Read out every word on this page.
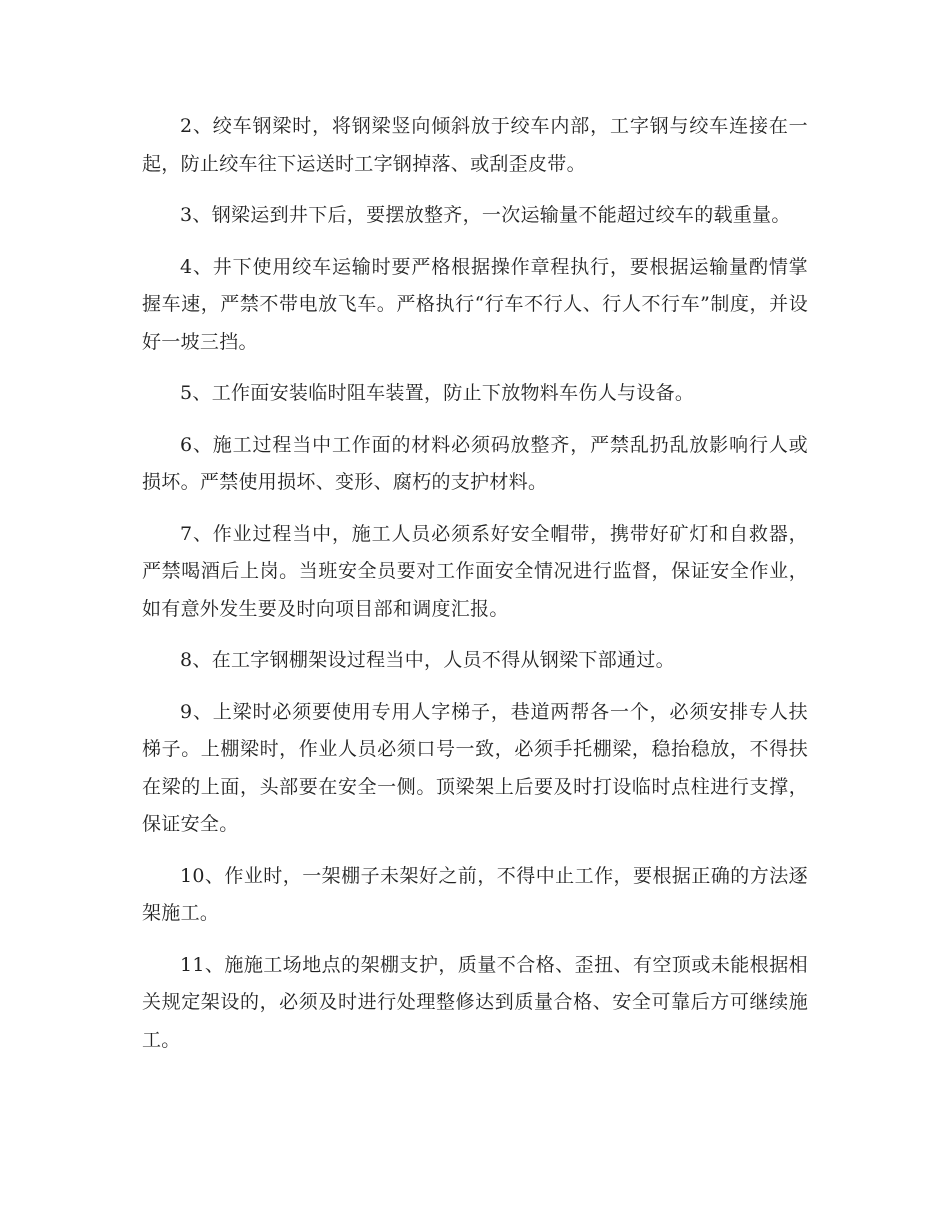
2、绞车钢梁时，将钢梁竖向倾斜放于绞车内部，工字钢与绞车连接在一起，防止绞车往下运送时工字钢掉落、或刮歪皮带。

3、钢梁运到井下后，要摆放整齐，一次运输量不能超过绞车的载重量。

4、井下使用绞车运输时要严格根据操作章程执行，要根据运输量酌情掌握车速，严禁不带电放飞车。严格执行“行车不行人、行人不行车”制度，并设好一坡三挡。

5、工作面安装临时阻车装置，防止下放物料车伤人与设备。

6、施工过程当中工作面的材料必须码放整齐，严禁乱扔乱放影响行人或损坏。严禁使用损坏、变形、腐朽的支护材料。

7、作业过程当中，施工人员必须系好安全帽带，携带好矿灯和自救器，严禁喝酒后上岗。当班安全员要对工作面安全情况进行监督，保证安全作业，如有意外发生要及时向项目部和调度汇报。

8、在工字钢棚架设过程当中，人员不得从钢梁下部通过。

9、上梁时必须要使用专用人字梯子，巷道两帮各一个，必须安排专人扶梯子。上棚梁时，作业人员必须口号一致，必须手托棚梁，稳抬稳放，不得扶在梁的上面，头部要在安全一侧。顶梁架上后要及时打设临时点柱进行支撑，保证安全。

10、作业时，一架棚子未架好之前，不得中止工作，要根据正确的方法逐架施工。

11、施施工场地点的架棚支护，质量不合格、歪扭、有空顶或未能根据相关规定架设的，必须及时进行处理整修达到质量合格、安全可靠后方可继续施工。
